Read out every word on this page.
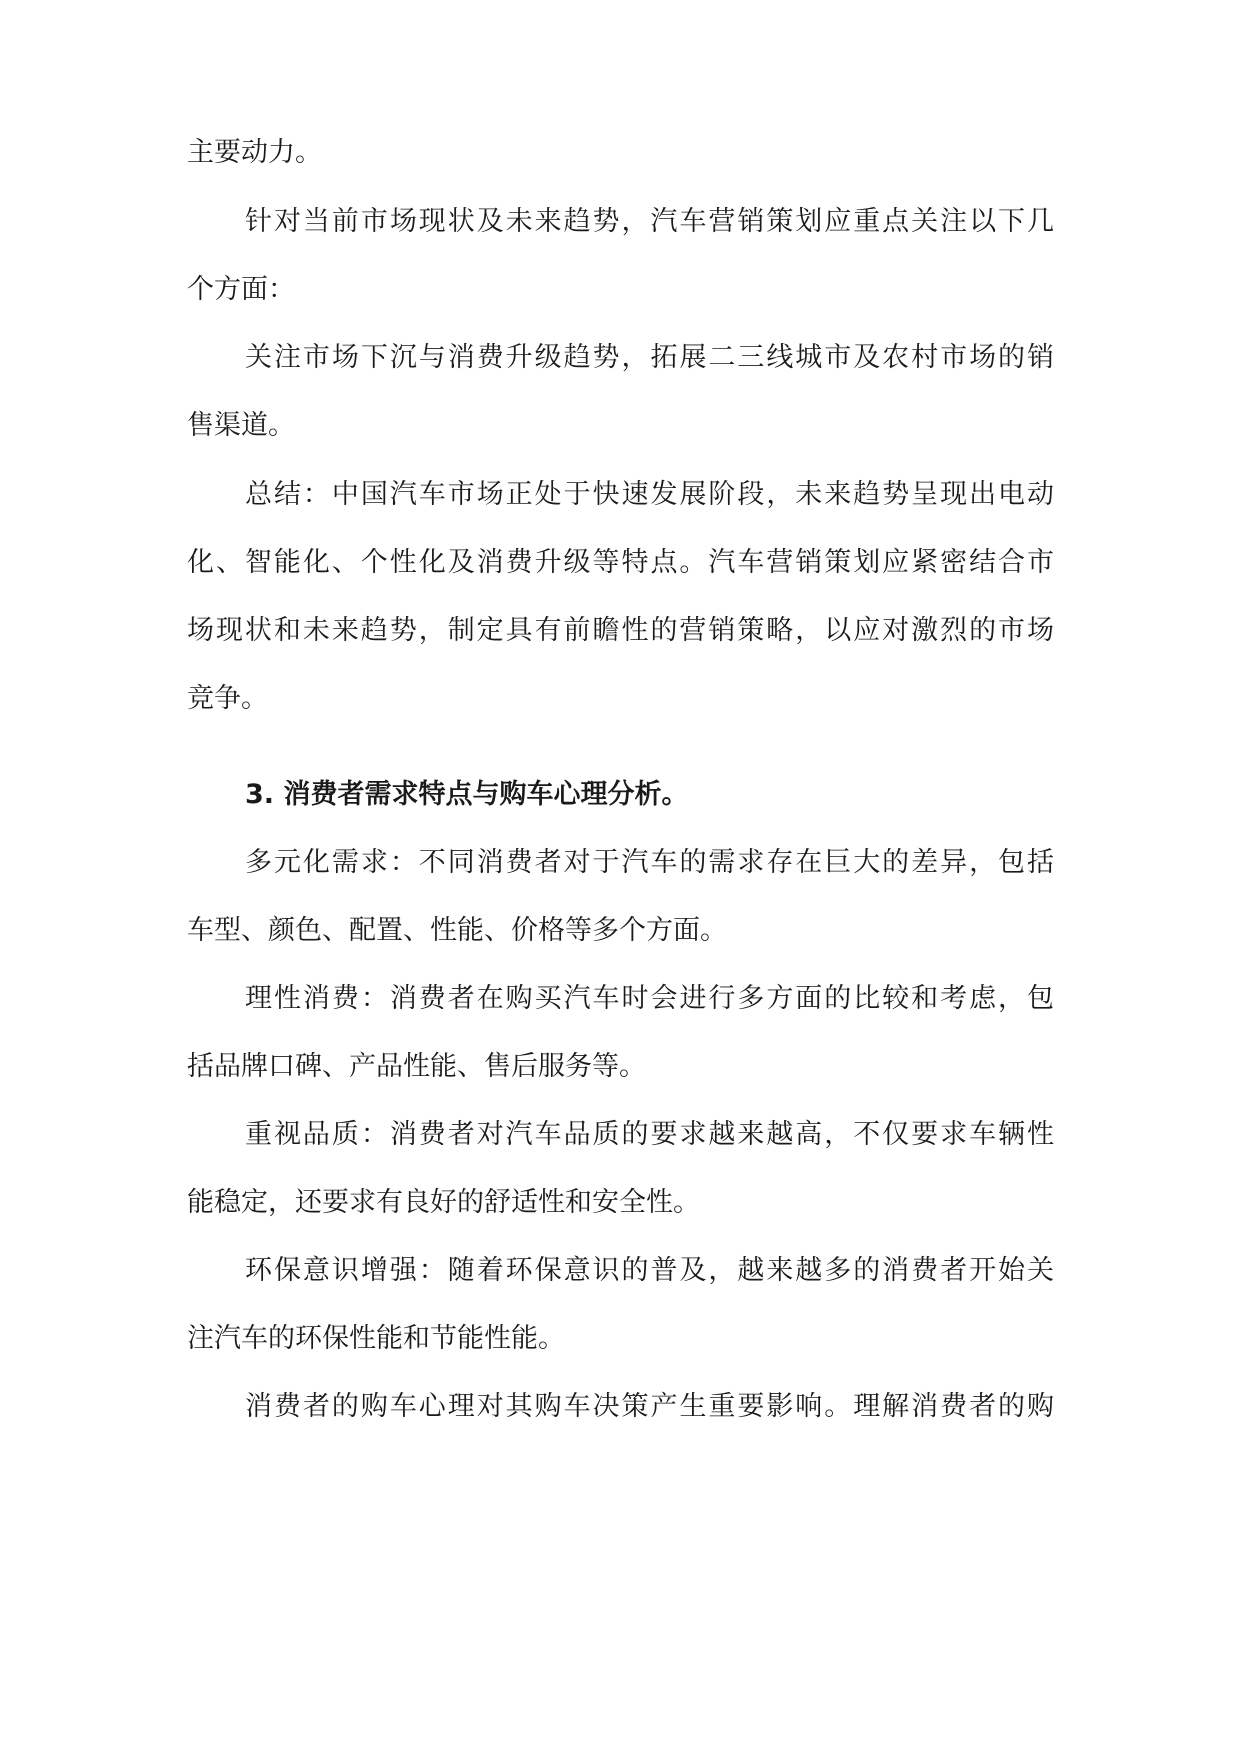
主要动力。
针对当前市场现状及未来趋势，汽车营销策划应重点关注以下几
个方面：
关注市场下沉与消费升级趋势，拓展二三线城市及农村市场的销
售渠道。
总结：中国汽车市场正处于快速发展阶段，未来趋势呈现出电动
化、智能化、个性化及消费升级等特点。汽车营销策划应紧密结合市
场现状和未来趋势，制定具有前瞻性的营销策略，以应对激烈的市场
竞争。
3. 消费者需求特点与购车心理分析。
多元化需求：不同消费者对于汽车的需求存在巨大的差异，包括
车型、颜色、配置、性能、价格等多个方面。
理性消费：消费者在购买汽车时会进行多方面的比较和考虑，包
括品牌口碑、产品性能、售后服务等。
重视品质：消费者对汽车品质的要求越来越高，不仅要求车辆性
能稳定，还要求有良好的舒适性和安全性。
环保意识增强：随着环保意识的普及，越来越多的消费者开始关
注汽车的环保性能和节能性能。
消费者的购车心理对其购车决策产生重要影响。理解消费者的购
